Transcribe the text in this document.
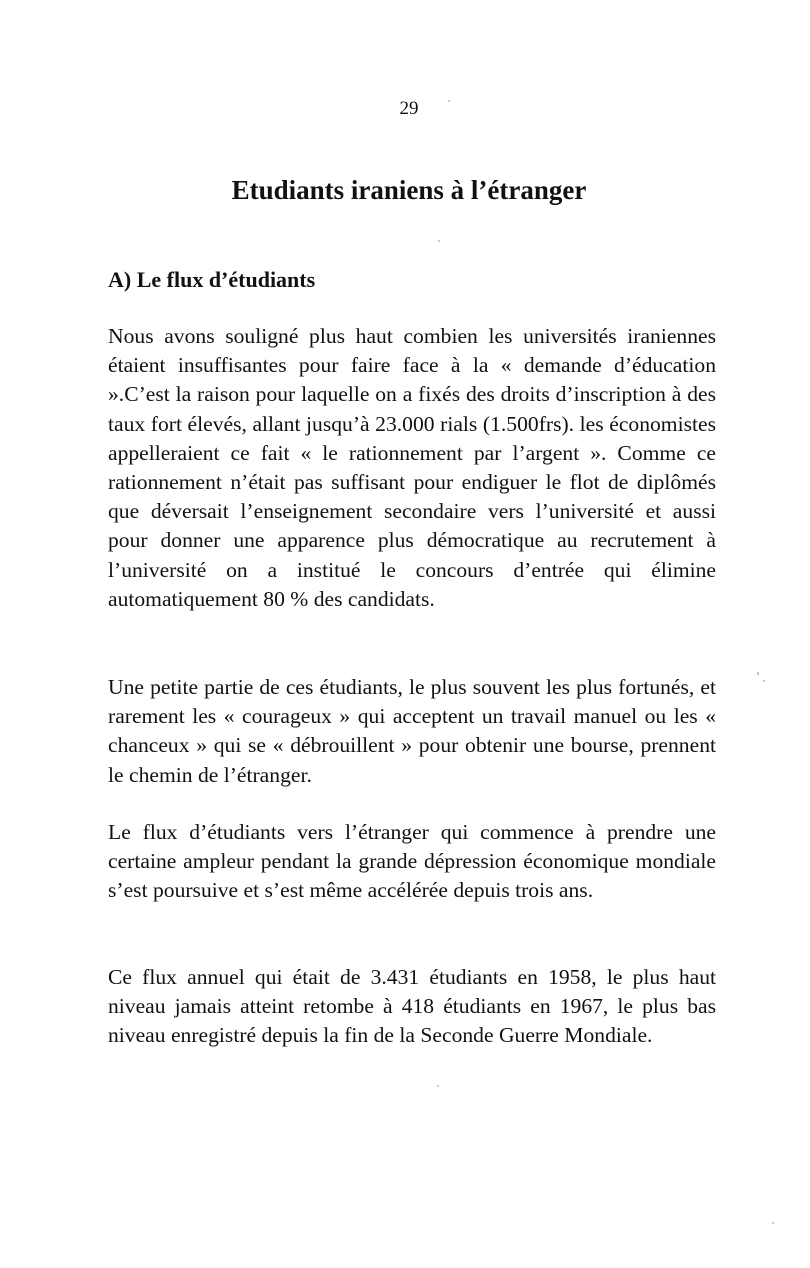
29
Etudiants iraniens à l’étranger
A) Le flux d’étudiants

Nous avons souligné plus haut combien les universités iraniennes étaient insuffisantes pour faire face à la « demande d’éducation ».C’est la raison pour laquelle on a fixés des droits d’inscription à des taux fort élevés, allant jusqu’à 23.000 rials (1.500frs). les économistes appelleraient ce fait « le rationnement par l’argent ». Comme ce rationnement n’était pas suffisant pour endiguer le flot de diplômés que déversait l’enseignement secondaire vers l’université et aussi pour donner une apparence plus démocratique au recrutement à l’université on a institué le concours d’entrée qui élimine automatiquement 80 % des candidats.

Une petite partie de ces étudiants, le plus souvent les plus fortunés, et rarement les « courageux » qui acceptent un travail manuel ou les « chanceux » qui se « débrouillent » pour obtenir une bourse, prennent le chemin de l’étranger.

Le flux d’étudiants vers l’étranger qui commence à prendre une certaine ampleur pendant la grande dépression économique mondiale s’est poursuive et s’est même accélérée depuis trois ans.

Ce flux annuel qui était de 3.431 étudiants en 1958, le plus haut niveau jamais atteint retombe à 418 étudiants en 1967, le plus bas niveau enregistré depuis la fin de la Seconde Guerre Mondiale.
